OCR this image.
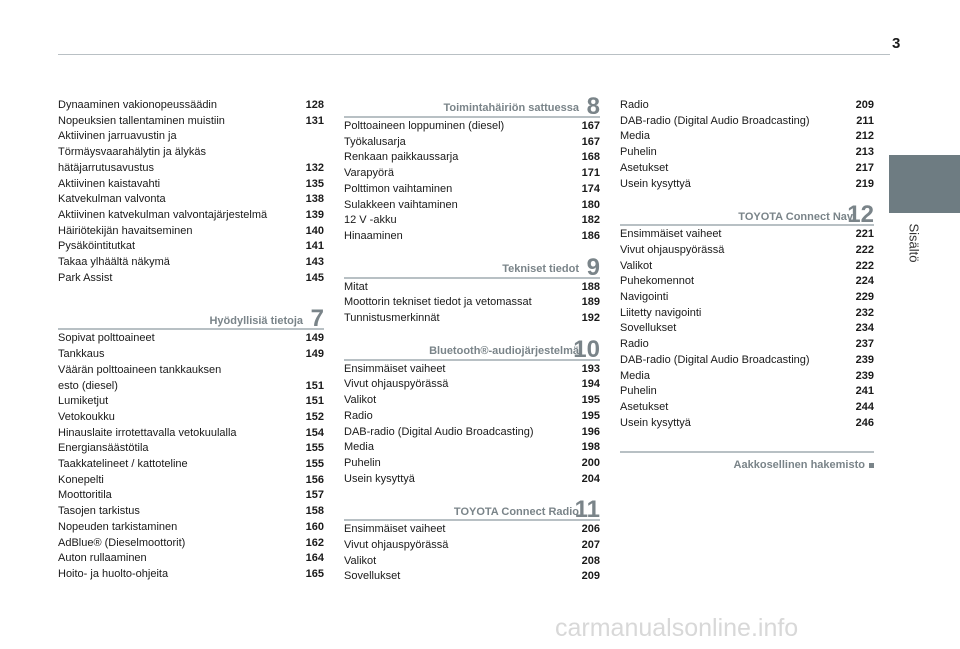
3
Sisältö
Dynaaminen vakionopeussäädin	128
Nopeuksien tallentaminen muistiin	131
Aktiivinen jarruavustin ja
Törmäysvaarahälytin ja älykäs
hätäjarrutusavustus	132
Aktiivinen kaistavahti	135
Katvekulman valvonta	138
Aktiivinen katvekulman valvontajärjestelmä	139
Häiriötekijän havaitseminen	140
Pysäköintitutkat	141
Takaa ylhäältä näkymä	143
Park Assist	145
Hyödyllisiä tietoja 7
Sopivat polttoaineet	149
Tankkaus	149
Väärän polttoaineen tankkauksen
esto (diesel)	151
Lumiketjut	151
Vetokoukku	152
Hinauslaite irrotettavalla vetokuulalla	154
Energiansäästötila	155
Taakkatelineet / kattoteline	155
Konepelti	156
Moottoritila	157
Tasojen tarkistus	158
Nopeuden tarkistaminen	160
AdBlue® (Dieselmoottorit)	162
Auton rullaaminen	164
Hoito- ja huolto-ohjeita	165
Toimintahäiriön sattuessa 8
Polttoaineen loppuminen (diesel)	167
Työkalusarja	167
Renkaan paikkaussarja	168
Varapyörä	171
Polttimon vaihtaminen	174
Sulakkeen vaihtaminen	180
12 V -akku	182
Hinaaminen	186
Tekniset tiedot 9
Mitat	188
Moottorin tekniset tiedot ja vetomassat	189
Tunnistusmerkinnät	192
Bluetooth®-audiojärjestelmä
10
Ensimmäiset vaiheet	193
Vivut ohjauspyörässä	194
Valikot	195
Radio	195
DAB-radio (Digital Audio Broadcasting)	196
Media	198
Puhelin	200
Usein kysyttyä	204
TOYOTA Connect Radio
11
Ensimmäiset vaiheet	206
Vivut ohjauspyörässä	207
Valikot	208
Sovellukset	209
Radio	209
DAB-radio (Digital Audio Broadcasting)	211
Media	212
Puhelin	213
Asetukset	217
Usein kysyttyä	219
TOYOTA Connect Nav
12
Ensimmäiset vaiheet	221
Vivut ohjauspyörässä	222
Valikot	222
Puhekomennot	224
Navigointi	229
Liitetty navigointi	232
Sovellukset	234
Radio	237
DAB-radio (Digital Audio Broadcasting)	239
Media	239
Puhelin	241
Asetukset	244
Usein kysyttyä	246
Aakkosellinen hakemisto
carmanualsonline.info
